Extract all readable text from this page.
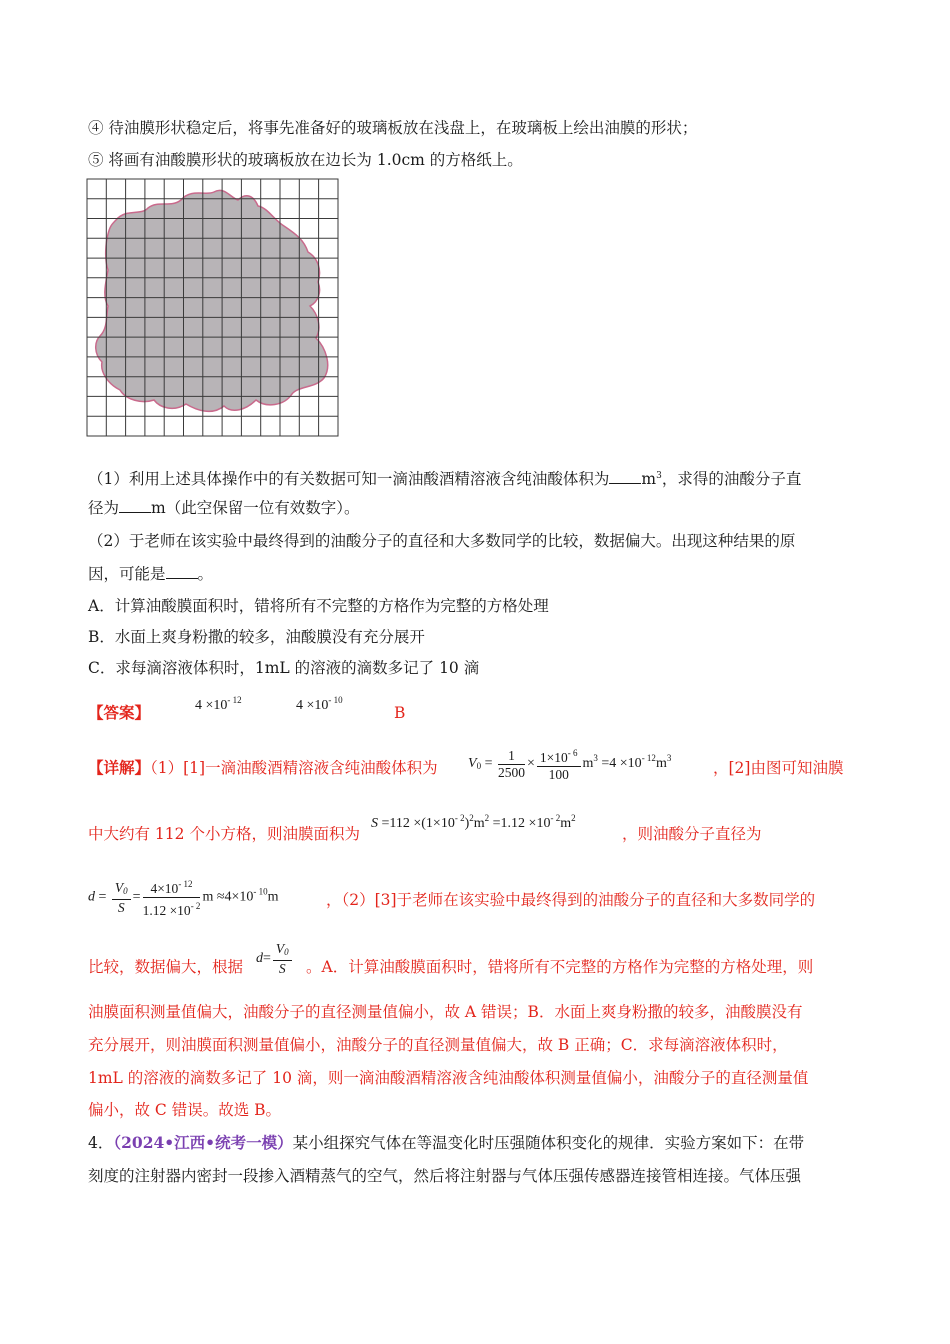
④ 待油膜形状稳定后，将事先准备好的玻璃板放在浅盘上，在玻璃板上绘出油膜的形状；
⑤ 将画有油酸膜形状的玻璃板放在边长为 1.0cm 的方格纸上。
（1）利用上述具体操作中的有关数据可知一滴油酸酒精溶液含纯油酸体积为 $m^3$，求得的油酸分子直
径为 m（此空保留一位有效数字）。
（2）于老师在该实验中最终得到的油酸分子的直径和大多数同学的比较，数据偏大。出现这种结果的原
因，可能是 。
A．计算油酸膜面积时，错将所有不完整的方格作为完整的方格处理
B．水面上爽身粉撒的较多，油酸膜没有充分展开
C．求每滴溶液体积时，1mL 的溶液的滴数多记了 10 滴
【答案】	$4 \times 10^{- 12}$	$4 \times 10^{- 10}$
B
【详解】（1）[1]一滴油酸酒精溶液含纯油酸体积为 $V_0 = \frac{1}{2500} \times \frac{1\times 10^{- 6}}{100} m^3 =4 \times 10^{- 12}m^3$
，[2]由图可知油膜
中大约有 112 个小方格，则油膜面积为
$S =112 \times(1\times 10^{- 2})^2m^2 =1.12 \times 10^{- 2}m^2$
，则油酸分子直径为
$d = \frac{V_0}{S} = \frac{4\times 10^{- 12}}{1.12 \times 10^{- 2}}$ $m \approx 4\times 10^{- 10}m$	，（2）[3]于老师在该实验中最终得到的油酸分子的直径和大多数同学的
比较，数据偏大，根据 $d= \frac{V_0}{S}$ 。A．计算油酸膜面积时，错将所有不完整的方格作为完整的方格处理，则
油膜面积测量值偏大，油酸分子的直径测量值偏小，故 A 错误；B．水面上爽身粉撒的较多，油酸膜没有
充分展开，则油膜面积测量值偏小，油酸分子的直径测量值偏大，故 B 正确；C．求每滴溶液体积时，
1mL 的溶液的滴数多记了 10 滴，则一滴油酸酒精溶液含纯油酸体积测量值偏小，油酸分子的直径测量值
偏小，故 C 错误。故选 B。
4．（2024•江西•统考一模）某小组探究气体在等温变化时压强随体积变化的规律．实验方案如下：在带
刻度的注射器内密封一段掺入酒精蒸气的空气，然后将注射器与气体压强传感器连接管相连接。气体压强
